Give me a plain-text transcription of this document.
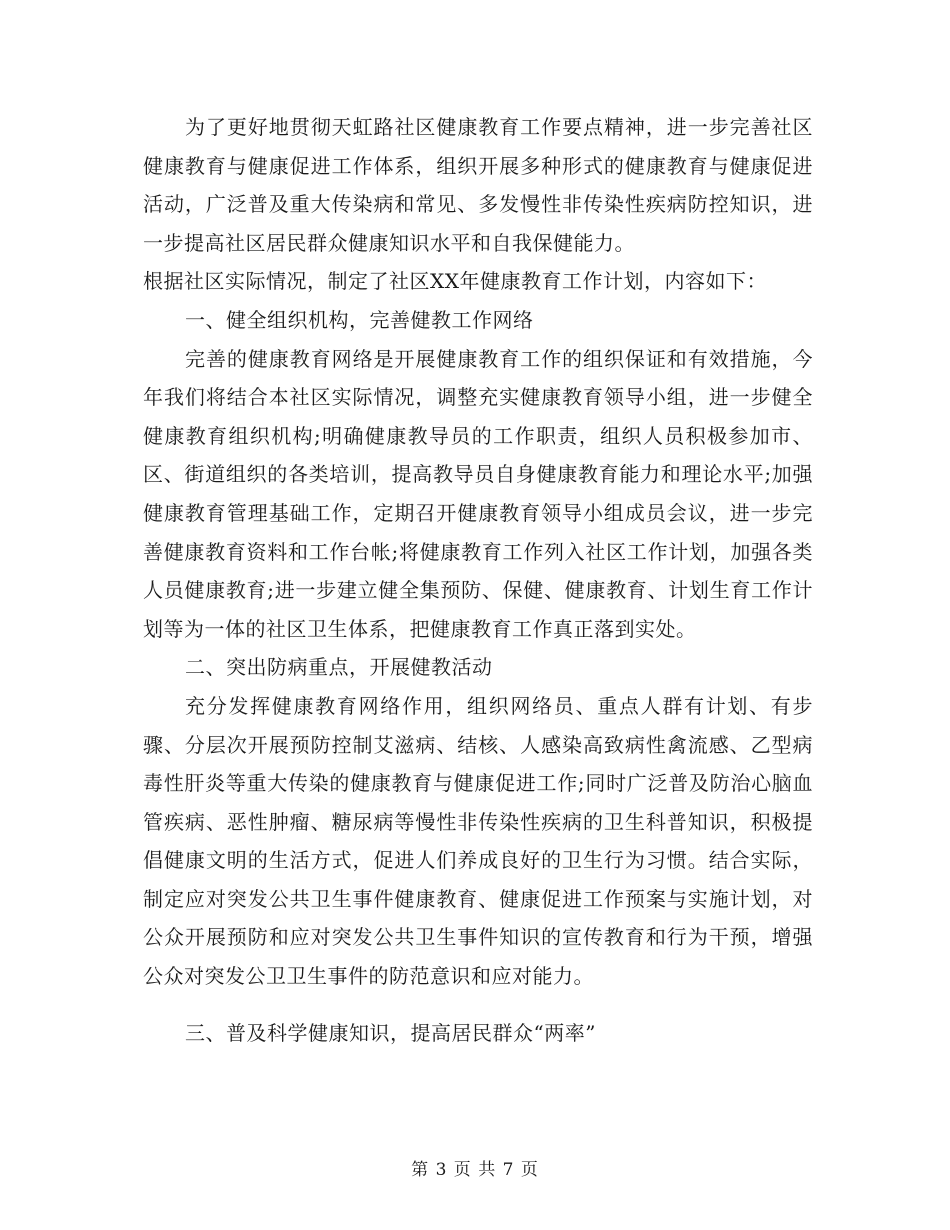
为了更好地贯彻天虹路社区健康教育工作要点精神，进一步完善社区健康教育与健康促进工作体系，组织开展多种形式的健康教育与健康促进活动，广泛普及重大传染病和常见、多发慢性非传染性疾病防控知识，进一步提高社区居民群众健康知识水平和自我保健能力。

根据社区实际情况，制定了社区XX年健康教育工作计划，内容如下：

一、健全组织机构，完善健教工作网络

完善的健康教育网络是开展健康教育工作的组织保证和有效措施，今年我们将结合本社区实际情况，调整充实健康教育领导小组，进一步健全健康教育组织机构;明确健康教导员的工作职责，组织人员积极参加市、区、街道组织的各类培训，提高教导员自身健康教育能力和理论水平;加强健康教育管理基础工作，定期召开健康教育领导小组成员会议，进一步完善健康教育资料和工作台帐;将健康教育工作列入社区工作计划，加强各类人员健康教育;进一步建立健全集预防、保健、健康教育、计划生育工作计划等为一体的社区卫生体系，把健康教育工作真正落到实处。

二、突出防病重点，开展健教活动

充分发挥健康教育网络作用，组织网络员、重点人群有计划、有步骤、分层次开展预防控制艾滋病、结核、人感染高致病性禽流感、乙型病毒性肝炎等重大传染的健康教育与健康促进工作;同时广泛普及防治心脑血管疾病、恶性肿瘤、糖尿病等慢性非传染性疾病的卫生科普知识，积极提倡健康文明的生活方式，促进人们养成良好的卫生行为习惯。结合实际，制定应对突发公共卫生事件健康教育、健康促进工作预案与实施计划，对公众开展预防和应对突发公共卫生事件知识的宣传教育和行为干预，增强公众对突发公卫卫生事件的防范意识和应对能力。

三、普及科学健康知识，提高居民群众“两率”

第 3 页 共 7 页
